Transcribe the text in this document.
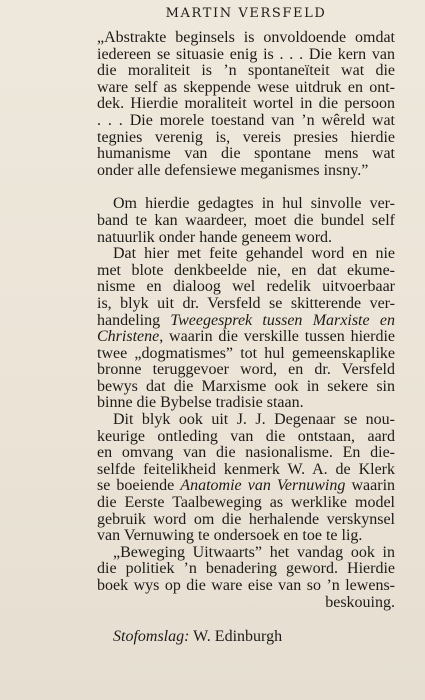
MARTIN VERSFELD
„Abstrakte beginsels is onvoldoende omdat
iedereen se situasie enig is . . . Die kern van
die moraliteit is ’n spontaneïteit wat die
ware self as skeppende wese uitdruk en ont-
dek. Hierdie moraliteit wortel in die persoon
. . . Die morele toestand van ’n wêreld wat
tegnies verenig is, vereis presies hierdie
humanisme van die spontane mens wat
onder alle defensiewe meganismes insny.”
Om hierdie gedagtes in hul sinvolle ver-
band te kan waardeer, moet die bundel self
natuurlik onder hande geneem word.
Dat hier met feite gehandel word en nie
met blote denkbeelde nie, en dat ekume-
nisme en dialoog wel redelik uitvoerbaar
is, blyk uit dr. Versfeld se skitterende ver-
handeling Tweegesprek tussen Marxiste en
Christene, waarin die verskille tussen hierdie
twee „dogmatismes” tot hul gemeenskaplike
bronne teruggevoer word, en dr. Versfeld
bewys dat die Marxisme ook in sekere sin
binne die Bybelse tradisie staan.
Dit blyk ook uit J. J. Degenaar se nou-
keurige ontleding van die ontstaan, aard
en omvang van die nasionalisme. En die-
selfde feitelikheid kenmerk W. A. de Klerk
se boeiende Anatomie van Vernuwing waarin
die Eerste Taalbeweging as werklike model
gebruik word om die herhalende verskynsel
van Vernuwing te ondersoek en toe te lig.
„Beweging Uitwaarts” het vandag ook in
die politiek ’n benadering geword. Hierdie
boek wys op die ware eise van so ’n lewens-
beskouing.
Stofomslag: W. Edinburgh
